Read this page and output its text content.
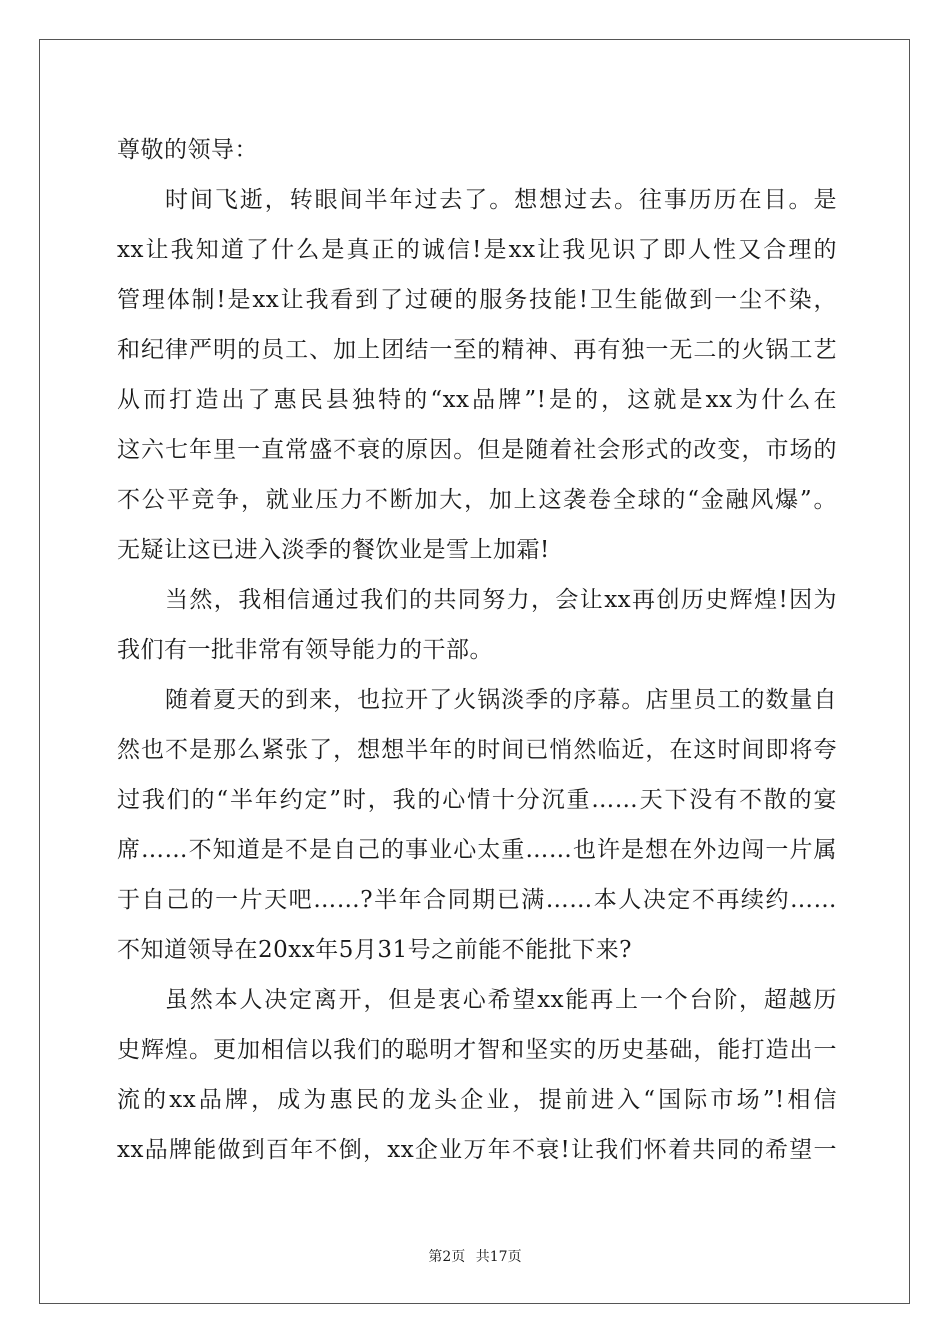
尊敬的领导：
时间飞逝，转眼间半年过去了。想想过去。往事历历在目。是
xx让我知道了什么是真正的诚信!是xx让我见识了即人性又合理的
管理体制!是xx让我看到了过硬的服务技能!卫生能做到一尘不染，
和纪律严明的员工、加上团结一至的精神、再有独一无二的火锅工艺
从而打造出了惠民县独特的“xx品牌”!是的，这就是xx为什么在
这六七年里一直常盛不衰的原因。但是随着社会形式的改变，市场的
不公平竞争，就业压力不断加大，加上这袭卷全球的“金融风爆”。
无疑让这已进入淡季的餐饮业是雪上加霜!
当然，我相信通过我们的共同努力，会让xx再创历史辉煌!因为
我们有一批非常有领导能力的干部。
随着夏天的到来，也拉开了火锅淡季的序幕。店里员工的数量自
然也不是那么紧张了，想想半年的时间已悄然临近，在这时间即将夸
过我们的“半年约定”时，我的心情十分沉重……天下没有不散的宴
席……不知道是不是自己的事业心太重……也许是想在外边闯一片属
于自己的一片天吧……?半年合同期已满……本人决定不再续约……
不知道领导在20xx年5月31号之前能不能批下来?
虽然本人决定离开，但是衷心希望xx能再上一个台阶，超越历
史辉煌。更加相信以我们的聪明才智和坚实的历史基础，能打造出一
流的xx品牌，成为惠民的龙头企业，提前进入“国际市场”!相信
xx品牌能做到百年不倒，xx企业万年不衰!让我们怀着共同的希望一
第2页 共17页
